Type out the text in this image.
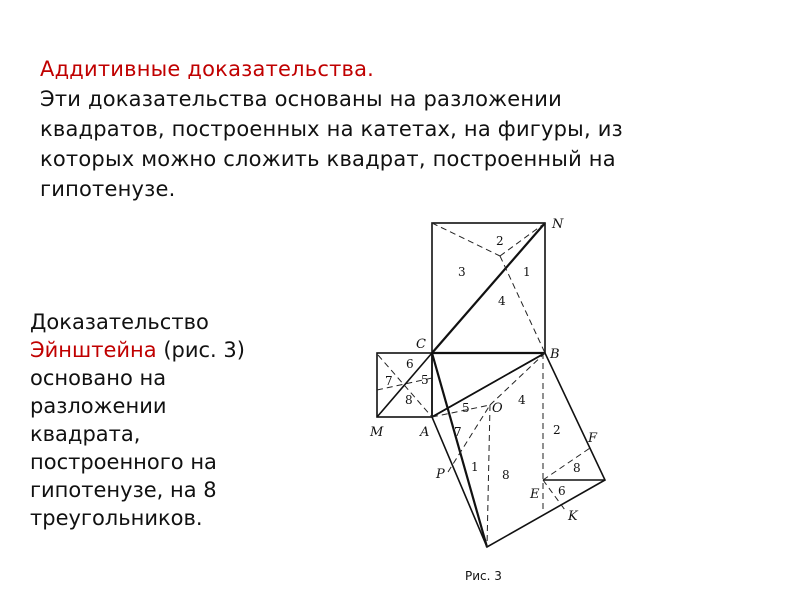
Аддитивные доказательства.
Эти доказательства основаны на разложении
квадратов, построенных на катетах, на фигуры, из
которых можно сложить квадрат, построенный на
гипотенузе.
Доказательство
Эйнштейна (рис. 3)
основано на
разложении
квадрата,
построенного на
гипотенузе, на 8
треугольников.
N
C
B
M	A
O
P
E
F
K
2
3	1
4
7
6
5
8
5
4
7
1
8
2
8
6
Рис. 3
